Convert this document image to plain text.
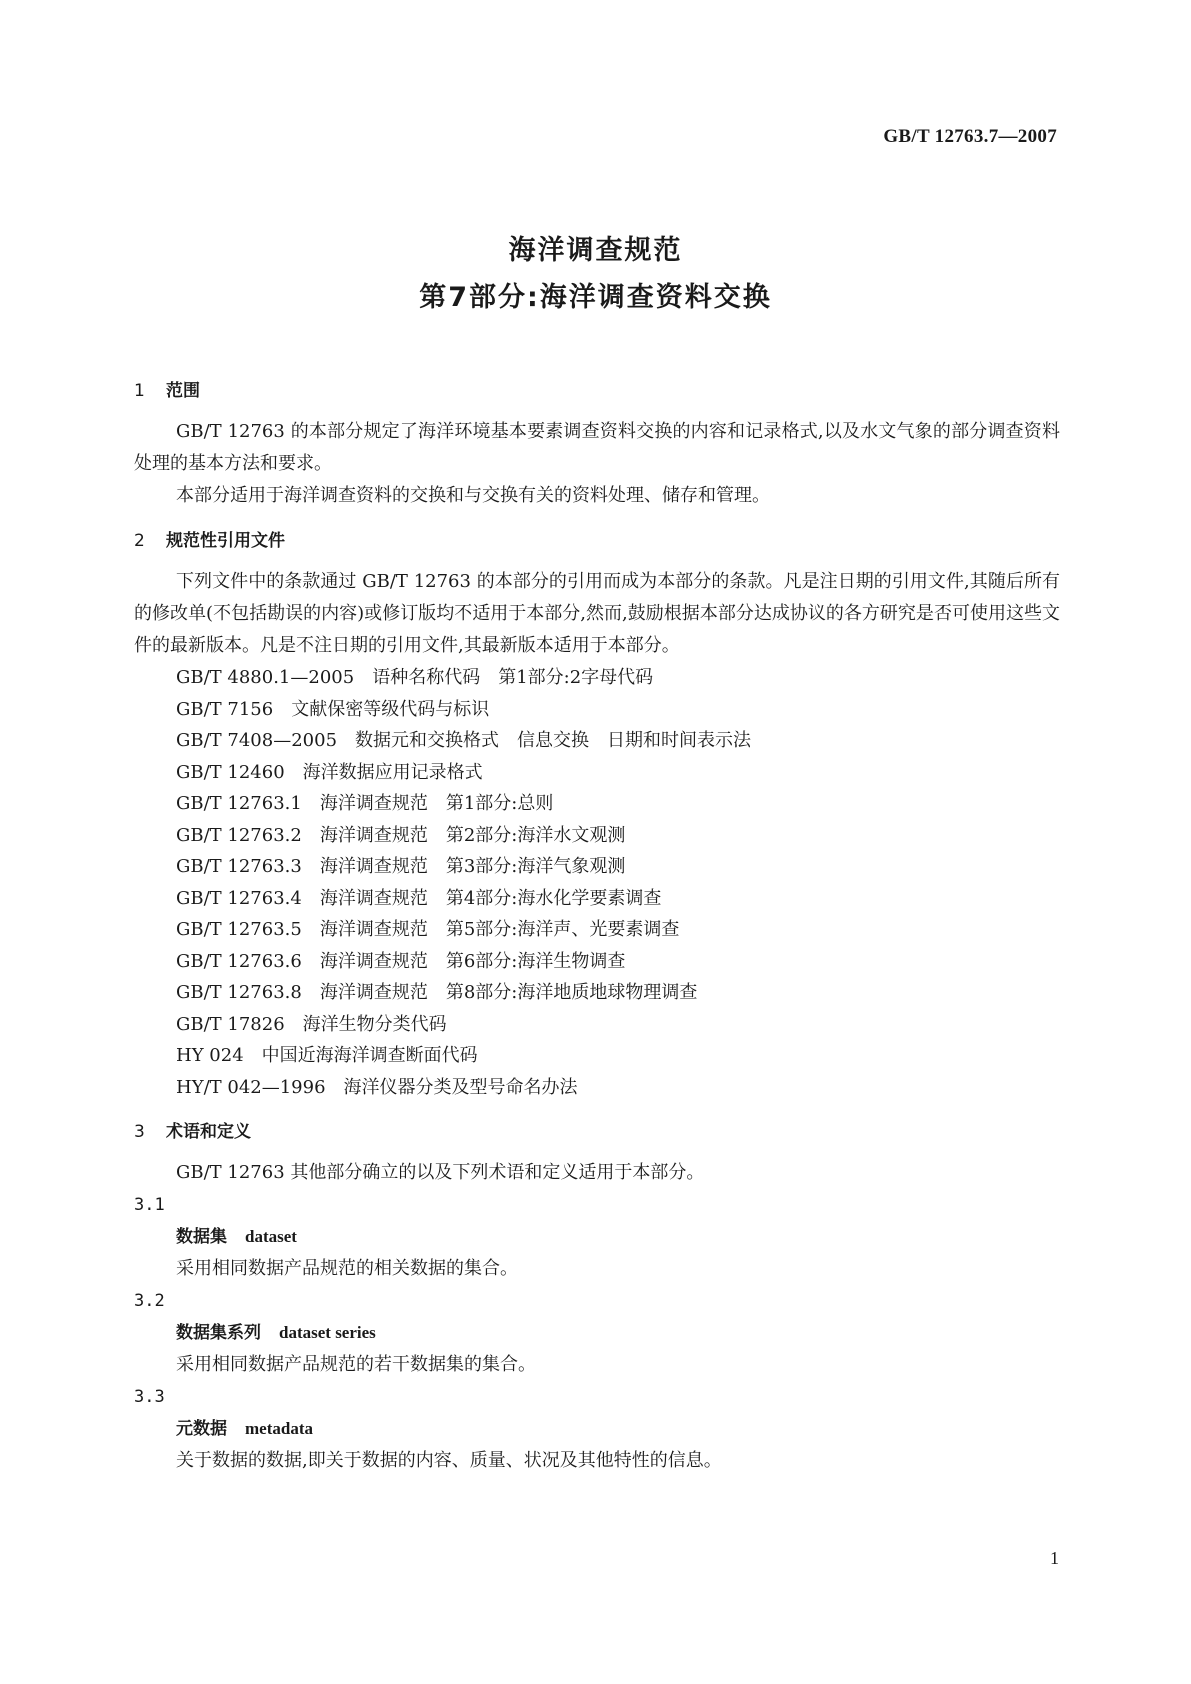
GB/T 12763.7—2007
海洋调查规范
第7部分:海洋调查资料交换
1 范围
GB/T 12763 的本部分规定了海洋环境基本要素调查资料交换的内容和记录格式,以及水文气象的部分调查资料处理的基本方法和要求。
本部分适用于海洋调查资料的交换和与交换有关的资料处理、储存和管理。
2 规范性引用文件
下列文件中的条款通过 GB/T 12763 的本部分的引用而成为本部分的条款。凡是注日期的引用文件,其随后所有的修改单(不包括勘误的内容)或修订版均不适用于本部分,然而,鼓励根据本部分达成协议的各方研究是否可使用这些文件的最新版本。凡是不注日期的引用文件,其最新版本适用于本部分。
GB/T 4880.1—2005 语种名称代码 第1部分:2字母代码
GB/T 7156 文献保密等级代码与标识
GB/T 7408—2005 数据元和交换格式 信息交换　日期和时间表示法
GB/T 12460 海洋数据应用记录格式
GB/T 12763.1 海洋调查规范 第1部分:总则
GB/T 12763.2 海洋调查规范 第2部分:海洋水文观测
GB/T 12763.3 海洋调查规范 第3部分:海洋气象观测
GB/T 12763.4 海洋调查规范 第4部分:海水化学要素调查
GB/T 12763.5 海洋调查规范 第5部分:海洋声、光要素调查
GB/T 12763.6 海洋调查规范 第6部分:海洋生物调查
GB/T 12763.8 海洋调查规范 第8部分:海洋地质地球物理调查
GB/T 17826 海洋生物分类代码
HY 024 中国近海海洋调查断面代码
HY/T 042—1996 海洋仪器分类及型号命名办法
3 术语和定义
GB/T 12763 其他部分确立的以及下列术语和定义适用于本部分。
3.1
数据集 dataset
采用相同数据产品规范的相关数据的集合。
3.2
数据集系列 dataset series
采用相同数据产品规范的若干数据集的集合。
3.3
元数据 metadata
关于数据的数据,即关于数据的内容、质量、状况及其他特性的信息。
1
